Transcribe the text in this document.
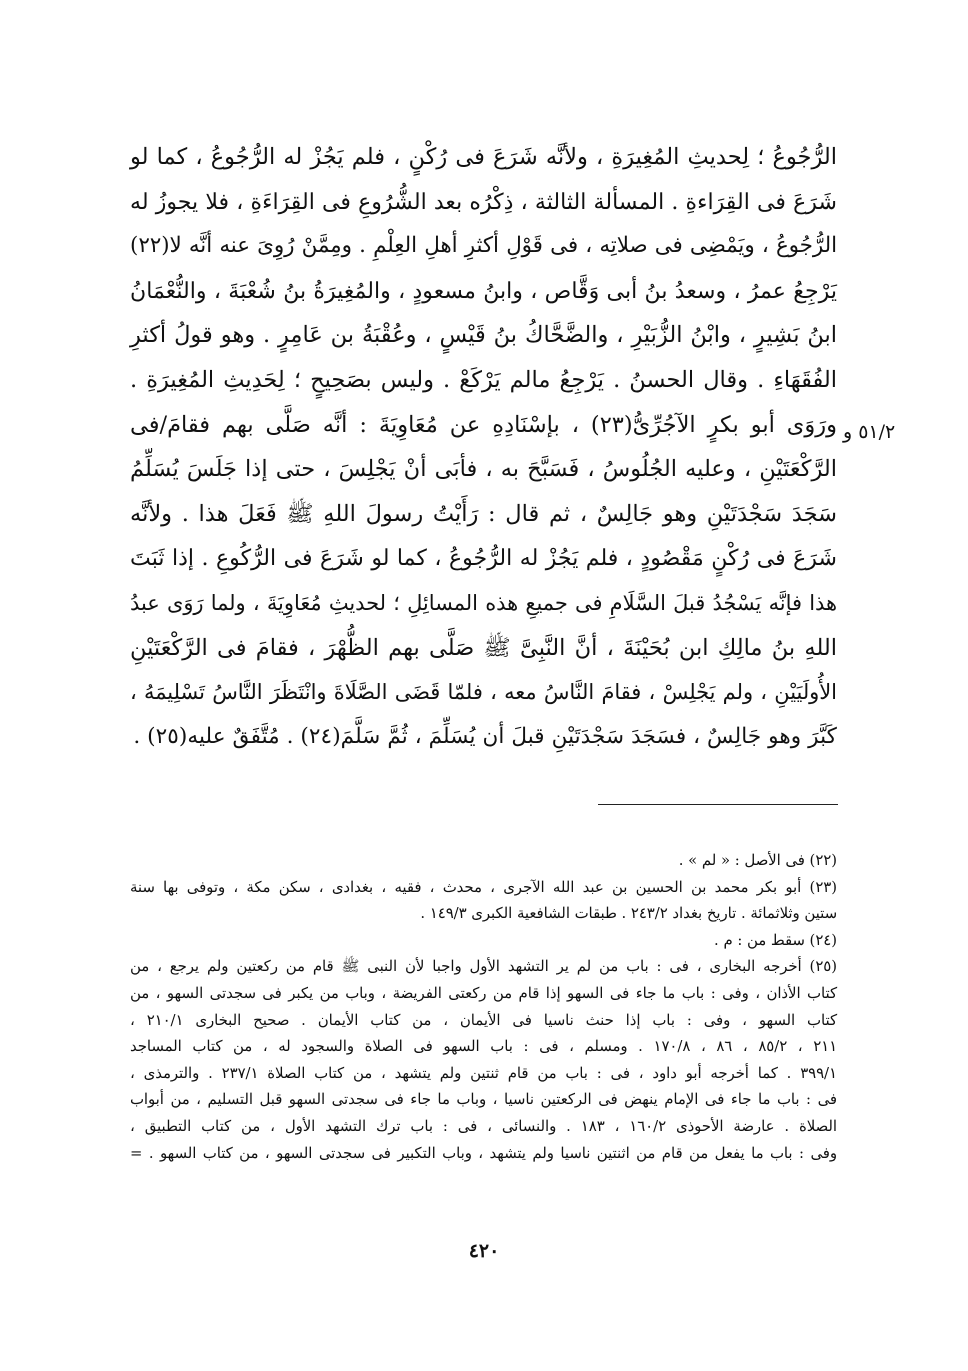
الرُّجُوعُ ؛ لِحديثِ المُغِيرَةِ ، ولأنَّه شَرَعَ فى رُكْنٍ ، فلم يَجُزْ له الرُّجُوعُ ، كما لو
شَرَعَ فى القِرَاءةِ . المسألة الثالثة ، ذِكْرُه بعد الشُّرُوعِ فى القِرَاءَةِ ، فلا يجوزُ له
الرُّجُوعُ ، ويَمْضِى فى صلاتِه ، فى قَوْلِ أكثرِ أهلِ العِلْمِ . ومِمَّنْ رُوِىَ عنه أنَّه لا(٢٢)
يَرْجِعُ عمرُ ، وسعدُ بنُ أبى وَقَّاص ، وابنُ مسعودٍ ، والمُغِيرَةُ بنُ شُعْبَةَ ، والنُّعْمَانُ
ابنُ بَشِيرٍ ، وابْنُ الزُّبَيْرِ ، والضَّحَّاكُ بنُ قَيْسٍ ، وعُقْبَةُ بن عَامِرٍ . وهو قولُ أكثرِ
الفُقَهَاءِ . وقال الحسنُ . يَرْجِعُ مالم يَرْكَعْ . وليس بصَحِيحٍ ؛ لِحَدِيثِ المُغِيرَةِ .
ورَوَى أبو بكرٍ الآجُرِّىُّ(٢٣) ، بإسْنَادِهِ عن مُعَاوِيَةَ : أنَّه صَلَّى بهم فقامَ/فى
الرَّكْعَتَيْنِ ، وعليه الجُلُوسُ ، فَسَبَّحَ به ، فأبَى أنْ يَجْلِسَ ، حتى إذا جَلَسَ يُسَلِّمُ
سَجَدَ سَجْدَتَيْنِ وهو جَالِسٌ ، ثم قال : رَأَيْتُ رسولَ اللهِ ﷺ فَعَلَ هذا . ولأنَّه
شَرَعَ فى رُكْنٍ مَقْصُودٍ ، فلم يَجُزْ له الرُّجُوعُ ، كما لو شَرَعَ فى الرُّكُوعِ . إذا ثَبَتَ
هذا فإنَّه يَسْجُدُ قبلَ السَّلَامِ فى جميعِ هذه المسائِلِ ؛ لحديثِ مُعَاوِيَةَ ، ولما رَوَى عبدُ
اللهِ بنُ مالِكِ ابن بُحَيْنَةَ ، أنَّ النَّبِىَّ ﷺ صَلَّى بهم الظُّهْرَ ، فقامَ فى الرَّكْعَتَيْنِ
الأُولَيَيْنِ ، ولم يَجْلِسْ ، فقامَ النَّاسُ معه ، فلمّا قَضَى الصَّلَاةَ وانْتَظَرَ النَّاسُ تَسْلِيمَهُ ،
كَبَّرَ وهو جَالِسٌ ، فسَجَدَ سَجْدَتَيْنِ قبلَ أن يُسَلِّمَ ، ثُمَّ سَلَّمَ(٢٤) . مُتَّفَقٌ عليه(٢٥) .
٥١/٢ و
(٢٢) فى الأصل : « لم » .
(٢٣) أبو بكر محمد بن الحسين بن عبد الله الآجرى ، محدث ، فقيه ، بغدادى ، سكن مكة ، وتوفى بها سنة
ستين وثلاثمائة . تاريخ بغداد ٢٤٣/٢ . طبقات الشافعية الكبرى ١٤٩/٣ .
(٢٤) سقط من : م .
(٢٥) أخرجه البخارى ، فى : باب من لم ير التشهد الأول واجبا لأن النبى ﷺ قام من ركعتين ولم يرجع ، من
كتاب الأذان ، وفى : باب ما جاء فى السهو إذا قام من ركعتى الفريضة ، وباب من يكبر فى سجدتى السهو ، من
كتاب السهو ، وفى : باب إذا حنث ناسيا فى الأيمان ، من كتاب الأيمان . صحيح البخارى ٢١٠/١ ،
٢١١ ، ٨٥/٢ ، ٨٦ ، ١٧٠/٨ . ومسلم ، فى : باب السهو فى الصلاة والسجود له ، من كتاب المساجد
٣٩٩/١ . كما أخرجه أبو داود ، فى : باب من قام ثنتين ولم يتشهد ، من كتاب الصلاة ٢٣٧/١ . والترمذى ،
فى : باب ما جاء فى الإمام ينهض فى الركعتين ناسيا ، وباب ما جاء فى سجدتى السهو قبل التسليم ، من أبواب
الصلاة . عارضة الأحوذى ١٦٠/٢ ، ١٨٣ . والنسائى ، فى : باب ترك التشهد الأول ، من كتاب التطبيق ،
وفى : باب ما يفعل من قام من اثنتين ناسيا ولم يتشهد ، وباب التكبير فى سجدتى السهو ، من كتاب السهو . =
٤٢٠
